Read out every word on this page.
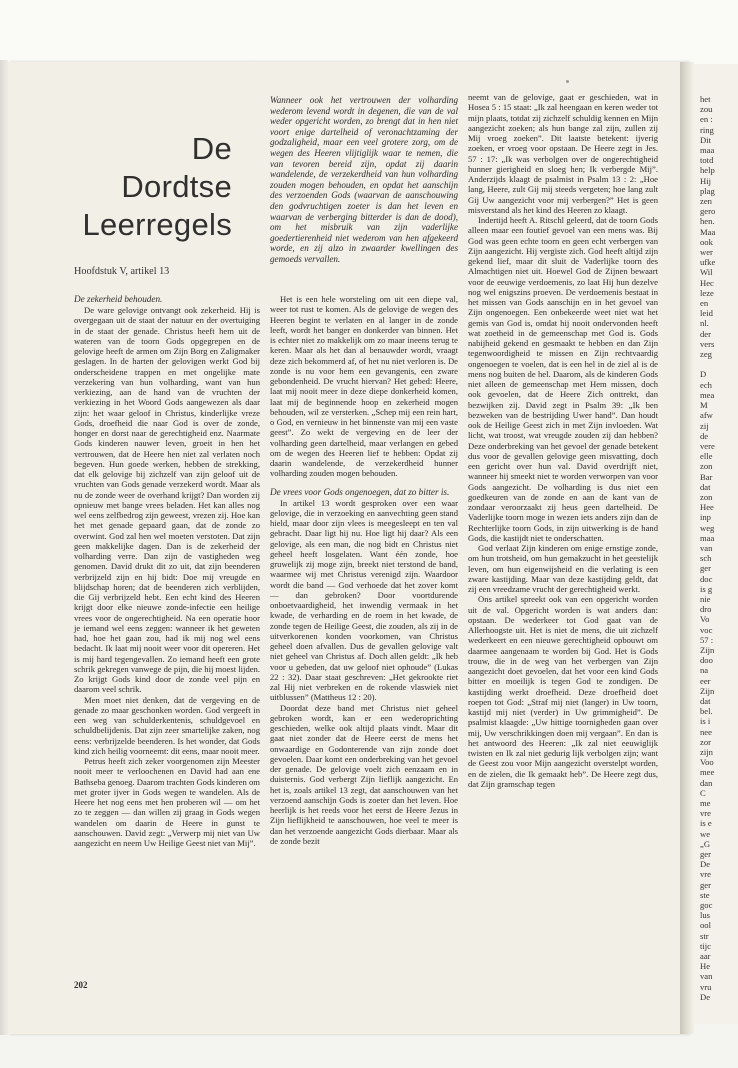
het
zou
en :
ring
Dit
maa
totd
help
Hij
plag
zen
gero
hen.
Maa
ook
wer
ufke
Wil
Hec
leze
en
leid
nl.
der
vers
zeg

D
ech
mea
M
afw
zij
de
vere
elle
zon
Bar
dat
zon
Hee
inp
weg
maa
van
sch
ger
doc
is g
nie
dro
Vo
voc
57 :
Zijn
doo
na
eer
Zijn
dat
bel.
is i
nee
zor
zijn
Voo
mee
dan
C
me
vre
is e
we
„G
ger
De
vre
ger
ste
goc
lus
ool
str
tijc
aar
He
van
vru
De
De
Dordtse
Leerregels
Hoofdstuk V, artikel 13
Wanneer ook het vertrouwen der volharding wederom levend wordt in degenen, die van de val weder opgericht worden, zo brengt dat in hen niet voort enige dartelheid of veronachtzaming der godzaligheid, maar een veel grotere zorg, om de wegen des Heeren vlijtiglijk waar te nemen, die van tevoren bereid zijn, opdat zij daarin wandelende, de verzekerdheid van hun volharding zouden mogen behouden, en opdat het aanschijn des verzoenden Gods (waarvan de aanschouwing den godvruchtigen zoeter is dan het leven en waarvan de verberging bitterder is dan de dood), om het misbruik van zijn vaderlijke goedertierenheid niet wederom van hen afgekeerd worde, en zij alzo in zwaarder kwellingen des gemoeds vervallen.
De zekerheid behouden.

De ware gelovige ontvangt ook zekerheid. Hij is overgegaan uit de staat der natuur en der overtuiging in de staat der genade. Christus heeft hem uit de wateren van de toorn Gods opgegrepen en de gelovige heeft de armen om Zijn Borg en Zaligmaker geslagen. In de harten der gelovigen werkt God bij onderscheidene trappen en met ongelijke mate verzekering van hun volharding, want van hun verkiezing, aan de hand van de vruchten der verkiezing in het Woord Gods aangewezen als daar zijn: het waar geloof in Christus, kinderlijke vreze Gods, droefheid die naar God is over de zonde, honger en dorst naar de gerechtigheid enz. Naarmate Gods kinderen nauwer leven, groeit in hen het vertrouwen, dat de Heere hen niet zal verlaten noch begeven. Hun goede werken, hebben de strekking, dat elk gelovige bij zichzelf van zijn geloof uit de vruchten van Gods genade verzekerd wordt. Maar als nu de zonde weer de overhand krijgt? Dan worden zij opnieuw met bange vrees beladen. Het kan alles nog wel eens zelfbedrog zijn geweest, vrezen zij. Hoe kan het met genade gepaard gaan, dat de zonde zo overwint. God zal hen wel moeten verstoten. Dat zijn geen makkelijke dagen. Dan is de zekerheid der volharding verre. Dan zijn de vastigheden weg genomen. David drukt dit zo uit, dat zijn beenderen verbrijzeld zijn en hij bidt: Doe mij vreugde en blijdschap horen; dat de beenderen zich verblijden, die Gij verbrijzeld hebt. Een echt kind des Heeren krijgt door elke nieuwe zonde-infectie een heilige vrees voor de ongerechtigheid. Na een operatie hoor je iemand wel eens zeggen: wanneer ik het geweten had, hoe het gaan zou, had ik mij nog wel eens bedacht. Ik laat mij nooit weer voor dit opereren. Het is mij hard tegengevallen. Zo iemand heeft een grote schrik gekregen vanwege de pijn, die hij moest lijden. Zo krijgt Gods kind door de zonde veel pijn en daarom veel schrik.

Men moet niet denken, dat de vergeving en de genade zo maar geschonken worden. God vergeeft in een weg van schulderkentenis, schuldgevoel en schuldbelijdenis. Dat zijn zeer smartelijke zaken, nog eens: verbrijzelde beenderen. Is het wonder, dat Gods kind zich heilig voorneemt: dit eens, maar nooit meer.

Petrus heeft zich zeker voorgenomen zijn Meester nooit meer te verloochenen en David had aan ene Bathseba genoeg. Daarom trachten Gods kinderen om met groter ijver in Gods wegen te wandelen. Als de Heere het nog eens met hen proberen wil — om het zo te zeggen — dan willen zij graag in Gods wegen wandelen om daarin de Heere in gunst te aanschouwen. David zegt: „Verwerp mij niet van Uw aangezicht en neem Uw Heilige Geest niet van Mij”.

Het is een hele worsteling om uit een diepe val, weer tot rust te komen. Als de gelovige de wegen des Heeren begint te verlaten en al langer in de zonde leeft, wordt het banger en donkerder van binnen. Het is echter niet zo makkelijk om zo maar ineens terug te keren. Maar als het dan al benauwder wordt, vraagt deze zich bekommerd af, of het nu niet verloren is. De zonde is nu voor hem een gevangenis, een zware gebondenheid. De vrucht hiervan? Het gebed: Heere, laat mij nooit meer in deze diepe donkerheid komen, laat mij de beginnende hoop en zekerheid mogen behouden, wil ze versterken. „Schep mij een rein hart, o God, en vernieuw in het binnenste van mij een vaste geest”. Zo wekt de vergeving en de leer der volharding geen dartelheid, maar verlangen en gebed om de wegen des Heeren lief te hebben: Opdat zij daarin wandelende, de verzekerdheid hunner volharding zouden mogen behouden.

De vrees voor Gods ongenoegen, dat zo bitter is.

In artikel 13 wordt gesproken over een waar gelovige, die in verzoeking en aanvechting geen stand hield, maar door zijn vlees is meegesleept en ten val gebracht. Daar ligt hij nu. Hoe ligt hij daar? Als een gelovige, als een man, die nog bidt en Christus niet geheel heeft losgelaten. Want één zonde, hoe gruwelijk zij moge zijn, breekt niet terstond de band, waarmee wij met Christus verenigd zijn. Waardoor wordt die band — God verhoede dat het zover komt — dan gebroken? Door voortdurende onboetvaardigheid, het inwendig vermaak in het kwade, de verharding en de roem in het kwade, de zonde tegen de Heilige Geest, die zouden, als zij in de uitverkorenen konden voorkomen, van Christus geheel doen afvallen. Dus de gevallen gelovige valt niet geheel van Christus af. Doch allen geldt: „Ik heb voor u gebeden, dat uw geloof niet ophoude” (Lukas 22 : 32). Daar staat geschreven: „Het gekrookte riet zal Hij niet verbreken en de rokende vlaswiek niet uitblussen” (Mattheus 12 : 20).

Doordat deze band met Christus niet geheel gebroken wordt, kan er een wederoprichting geschieden, welke ook altijd plaats vindt. Maar dit gaat niet zonder dat de Heere eerst de mens het onwaardige en Godonterende van zijn zonde doet gevoelen. Daar komt een onderbreking van het gevoel der genade. De gelovige voelt zich eenzaam en in duisternis. God verbergt Zijn lieflijk aangezicht. En het is, zoals artikel 13 zegt, dat aanschouwen van het verzoend aanschijn Gods is zoeter dan het leven. Hoe heerlijk is het reeds voor het eerst de Heere Jezus in Zijn lieflijkheid te aanschouwen, hoe veel te meer is dan het verzoende aangezicht Gods dierbaar. Maar als de zonde bezit

neemt van de gelovige, gaat er geschieden, wat in Hosea 5 : 15 staat: „Ik zal heengaan en keren weder tot mijn plaats, totdat zij zichzelf schuldig kennen en Mijn aangezicht zoeken; als hun bange zal zijn, zullen zij Mij vroeg zoeken”. Dit laatste betekent: ijverig zoeken, er vroeg voor opstaan. De Heere zegt in Jes. 57 : 17: „Ik was verbolgen over de ongerechtigheid hunner gierigheid en sloeg hen; Ik verbergde Mij”. Anderzijds klaagt de psalmist in Psalm 13 : 2: „Hoe lang, Heere, zult Gij mij steeds vergeten; hoe lang zult Gij Uw aangezicht voor mij verbergen?” Het is geen misverstand als het kind des Heeren zo klaagt.

Indertijd heeft A. Ritschl geleerd, dat de toorn Gods alleen maar een foutief gevoel van een mens was. Bij God was geen echte toorn en geen echt verbergen van Zijn aangezicht. Hij vergiste zich. God heeft altijd zijn gekend lief, maar dit sluit de Vaderlijke toorn des Almachtigen niet uit. Hoewel God de Zijnen bewaart voor de eeuwige verdoemenis, zo laat Hij hun dezelve nog wel enigszins proeven. De verdoemenis bestaat in het missen van Gods aanschijn en in het gevoel van Zijn ongenoegen. Een onbekeerde weet niet wat het gemis van God is, omdat hij nooit ondervonden heeft wat zoetheid in de gemeenschap met God is. Gods nabijheid gekend en gesmaakt te hebben en dan Zijn tegenwoordigheid te missen en Zijn rechtvaardig ongenoegen te voelen, dat is een hel in de ziel al is de mens nog buiten de hel. Daarom, als de kinderen Gods niet alleen de gemeenschap met Hem missen, doch ook gevoelen, dat de Heere Zich onttrekt, dan bezwijken zij. David zegt in Psalm 39: „Ik ben bezweken van de bestrijding Uwer hand”. Dan houdt ook de Heilige Geest zich in met Zijn invloeden. Wat licht, wat troost, wat vreugde zouden zij dan hebben? Deze onderbreking van het gevoel der genade betekent dus voor de gevallen gelovige geen misvatting, doch een gericht over hun val. David overdrijft niet, wanneer hij smeekt niet te worden verworpen van voor Gods aangezicht. De volharding is dus niet een goedkeuren van de zonde en aan de kant van de zondaar veroorzaakt zij heus geen dartelheid. De Vaderlijke toorn moge in wezen iets anders zijn dan de Rechterlijke toorn Gods, in zijn uitwerking is de hand Gods, die kastijdt niet te onderschatten.

God verlaat Zijn kinderen om enige ernstige zonde, om hun trotsheid, om hun gemakzucht in het geestelijk leven, om hun eigenwijsheid en die verlating is een zware kastijding. Maar van deze kastijding geldt, dat zij een vreedzame vrucht der gerechtigheid werkt.

Ons artikel spreekt ook van een opgericht worden uit de val. Opgericht worden is wat anders dan: opstaan. De wederkeer tot God gaat van de Allerhoogste uit. Het is niet de mens, die uit zichzelf wederkeert en een nieuwe gerechtigheid opbouwt om daarmee aangenaam te worden bij God. Het is Gods trouw, die in de weg van het verbergen van Zijn aangezicht doet gevoelen, dat het voor een kind Gods bitter en moeilijk is tegen God te zondigen. De kastijding werkt droefheid. Deze droefheid doet roepen tot God: „Straf mij niet (langer) in Uw toorn, kastijd mij niet (verder) in Uw grimmigheid”. De psalmist klaagde: „Uw hittige toornigheden gaan over mij, Uw verschrikkingen doen mij vergaan”. En dan is het antwoord des Heeren: „Ik zal niet eeuwiglijk twisten en Ik zal niet gedurig lijk verbolgen zijn; want de Geest zou voor Mijn aangezicht overstelpt worden, en de zielen, die Ik gemaakt heb”. De Heere zegt dus, dat Zijn gramschap tegen

202
